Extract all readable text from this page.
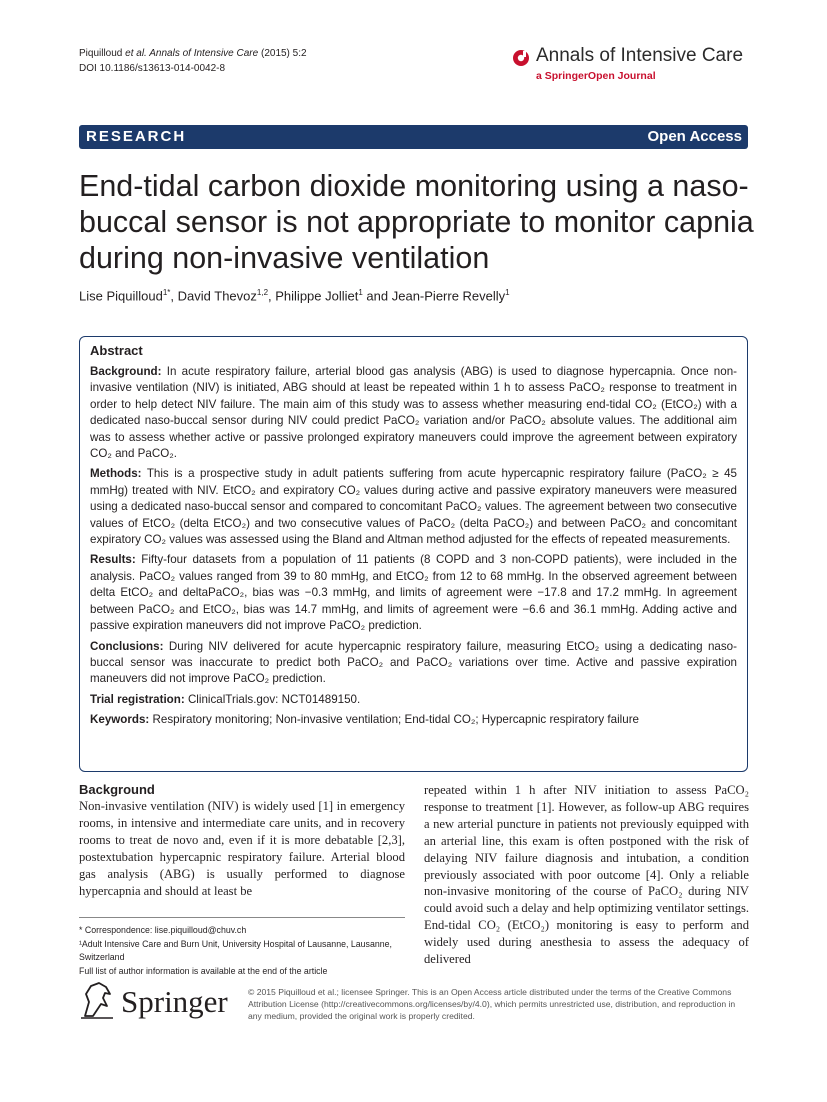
Piquilloud et al. Annals of Intensive Care (2015) 5:2
DOI 10.1186/s13613-014-0042-8
Annals of Intensive Care
a SpringerOpen Journal
RESEARCH	Open Access
End-tidal carbon dioxide monitoring using a naso-buccal sensor is not appropriate to monitor capnia during non-invasive ventilation
Lise Piquilloud$^{1*}$, David Thevoz$^{1,2}$, Philippe Jolliet$^1$ and Jean-Pierre Revelly$^1$
Abstract

Background: In acute respiratory failure, arterial blood gas analysis (ABG) is used to diagnose hypercapnia. Once non-invasive ventilation (NIV) is initiated, ABG should at least be repeated within 1 h to assess PaCO₂ response to treatment in order to help detect NIV failure. The main aim of this study was to assess whether measuring end-tidal CO₂ (EtCO₂) with a dedicated naso-buccal sensor during NIV could predict PaCO₂ variation and/or PaCO₂ absolute values. The additional aim was to assess whether active or passive prolonged expiratory maneuvers could improve the agreement between expiratory CO₂ and PaCO₂.

Methods: This is a prospective study in adult patients suffering from acute hypercapnic respiratory failure (PaCO₂ ≥ 45 mmHg) treated with NIV. EtCO₂ and expiratory CO₂ values during active and passive expiratory maneuvers were measured using a dedicated naso-buccal sensor and compared to concomitant PaCO₂ values. The agreement between two consecutive values of EtCO₂ (delta EtCO₂) and two consecutive values of PaCO₂ (delta PaCO₂) and between PaCO₂ and concomitant expiratory CO₂ values was assessed using the Bland and Altman method adjusted for the effects of repeated measurements.

Results: Fifty-four datasets from a population of 11 patients (8 COPD and 3 non-COPD patients), were included in the analysis. PaCO₂ values ranged from 39 to 80 mmHg, and EtCO₂ from 12 to 68 mmHg. In the observed agreement between delta EtCO₂ and deltaPaCO₂, bias was −0.3 mmHg, and limits of agreement were −17.8 and 17.2 mmHg. In agreement between PaCO₂ and EtCO₂, bias was 14.7 mmHg, and limits of agreement were −6.6 and 36.1 mmHg. Adding active and passive expiration maneuvers did not improve PaCO₂ prediction.

Conclusions: During NIV delivered for acute hypercapnic respiratory failure, measuring EtCO₂ using a dedicating naso-buccal sensor was inaccurate to predict both PaCO₂ and PaCO₂ variations over time. Active and passive expiration maneuvers did not improve PaCO₂ prediction.

Trial registration: ClinicalTrials.gov: NCT01489150.

Keywords: Respiratory monitoring; Non-invasive ventilation; End-tidal CO₂; Hypercapnic respiratory failure

Background

Non-invasive ventilation (NIV) is widely used [1] in emergency rooms, in intensive and intermediate care units, and in recovery rooms to treat de novo and, even if it is more debatable [2,3], postextubation hypercapnic respiratory failure. Arterial blood gas analysis (ABG) is usually performed to diagnose hypercapnia and should at least be

repeated within 1 h after NIV initiation to assess PaCO₂ response to treatment [1]. However, as follow-up ABG requires a new arterial puncture in patients not previously equipped with an arterial line, this exam is often postponed with the risk of delaying NIV failure diagnosis and intubation, a condition previously associated with poor outcome [4]. Only a reliable non-invasive monitoring of the course of PaCO₂ during NIV could avoid such a delay and help optimizing ventilator settings. End-tidal CO₂ (EtCO₂) monitoring is easy to perform and widely used during anesthesia to assess the adequacy of delivered

* Correspondence: lise.piquilloud@chuv.ch

¹Adult Intensive Care and Burn Unit, University Hospital of Lausanne, Lausanne, Switzerland

Full list of author information is available at the end of the article

Springer © 2015 Piquilloud et al.; licensee Springer. This is an Open Access article distributed under the terms of the Creative Commons Attribution License (http://creativecommons.org/licenses/by/4.0), which permits unrestricted use, distribution, and reproduction in any medium, provided the original work is properly credited.
